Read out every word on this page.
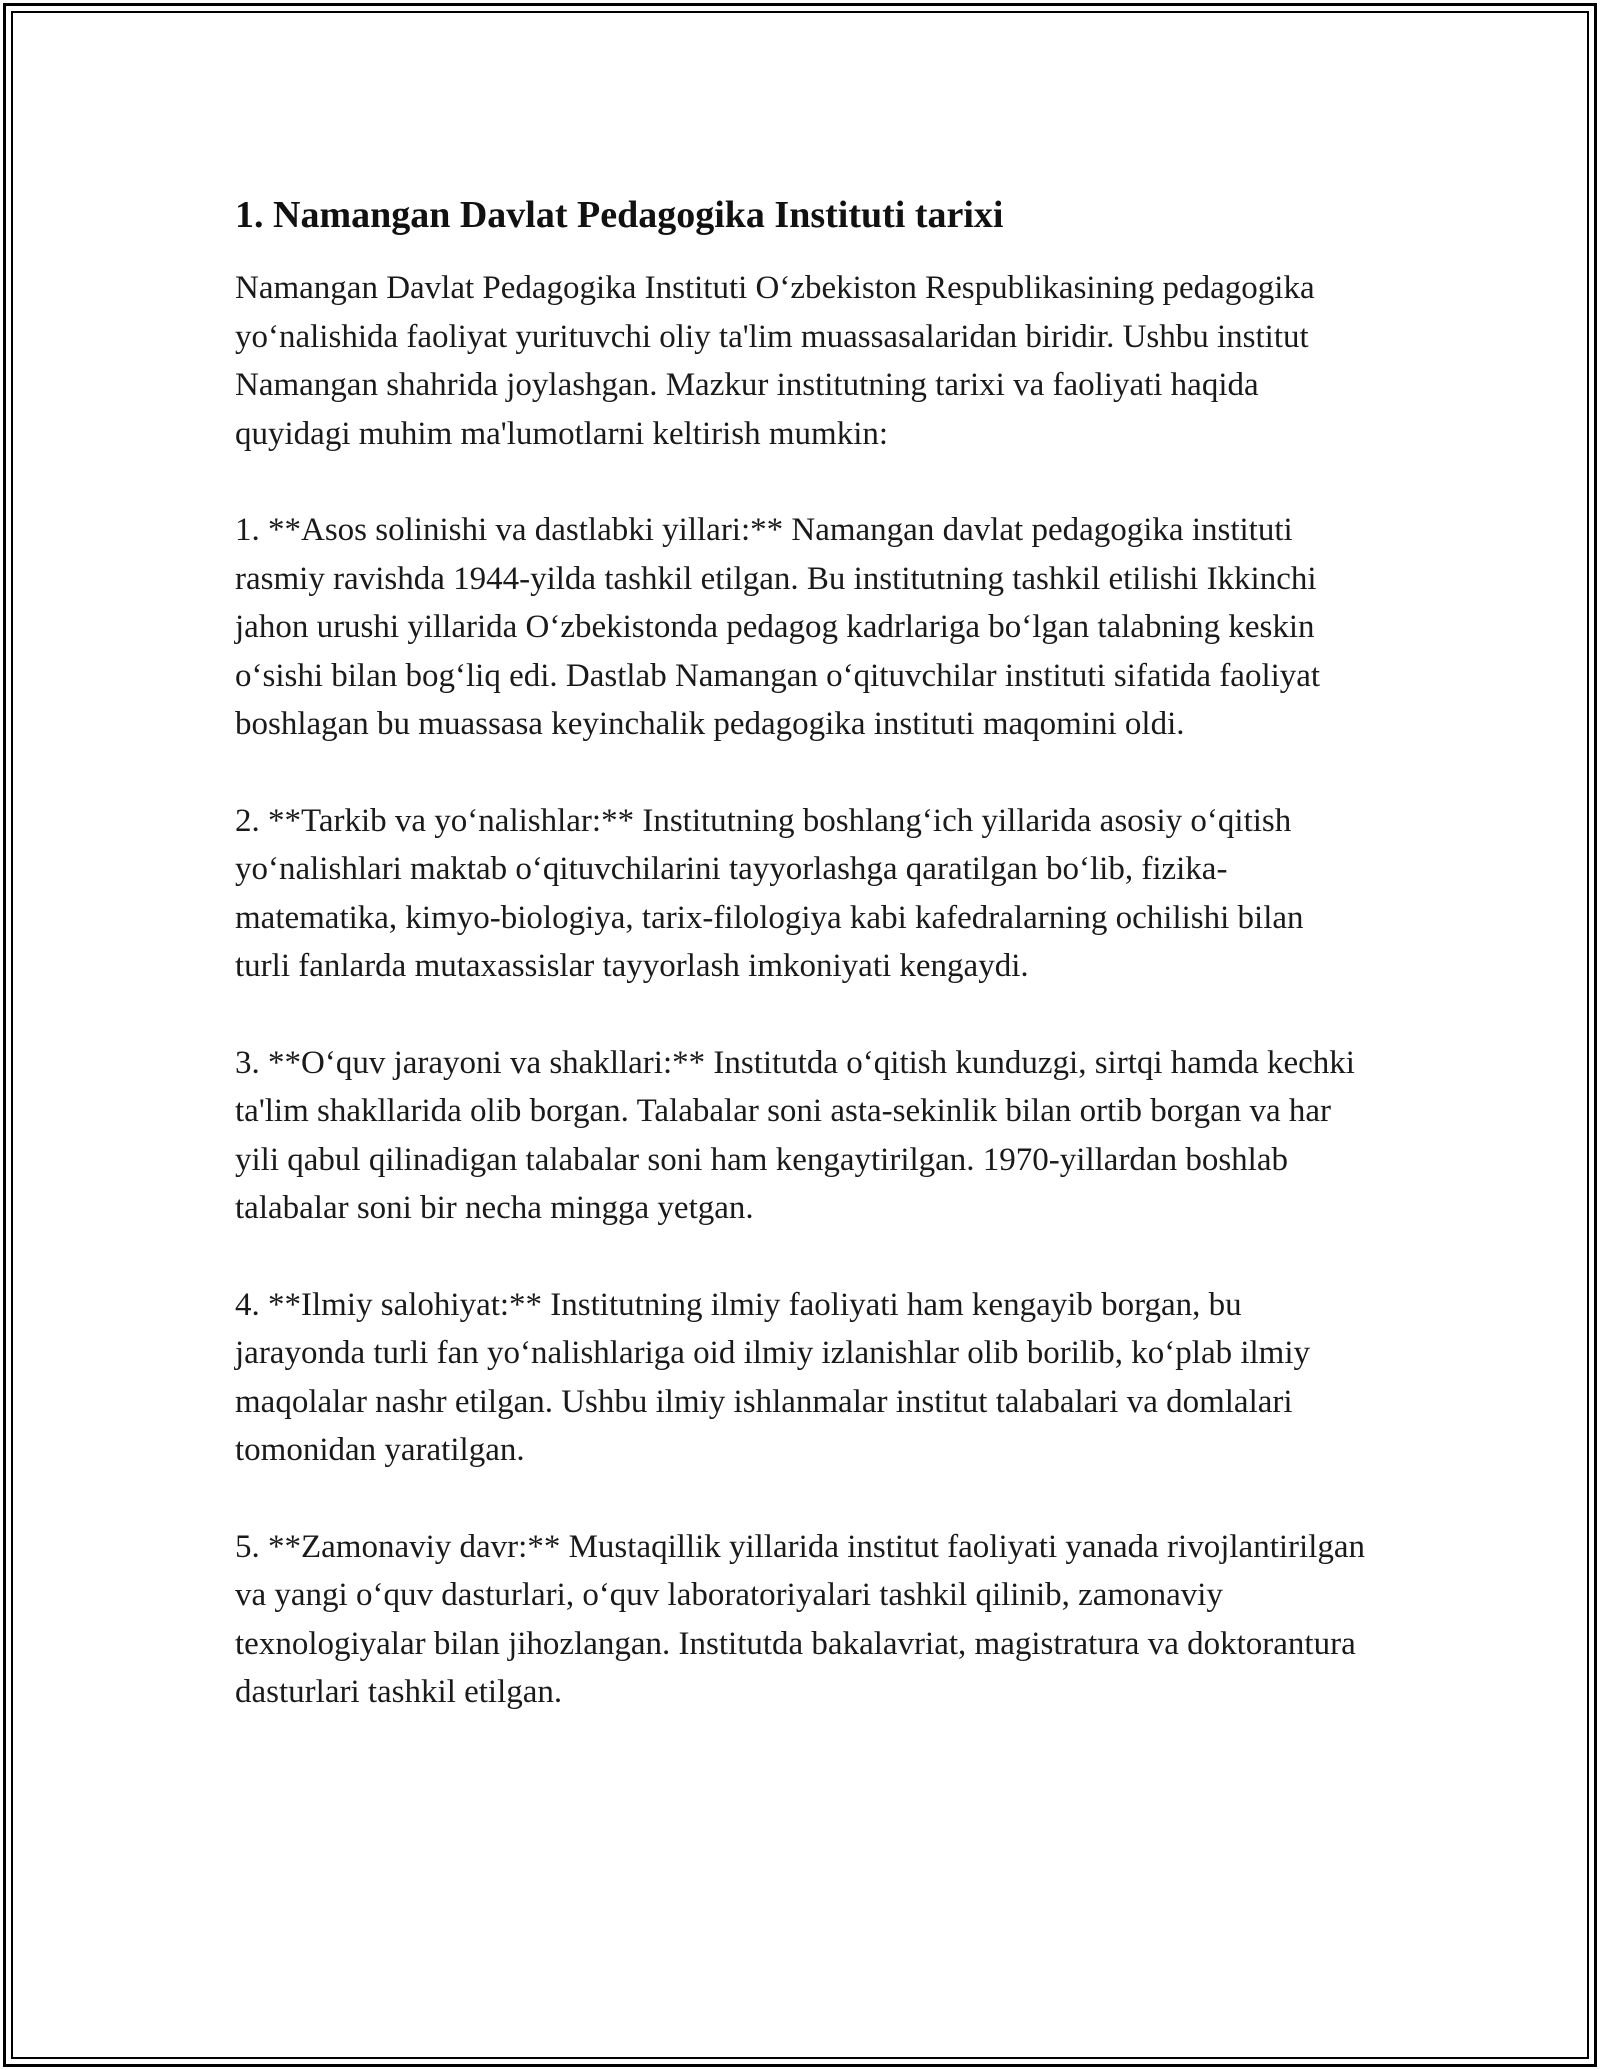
1. Namangan Davlat Pedagogika Instituti tarixi

Namangan Davlat Pedagogika Instituti O‘zbekiston Respublikasining pedagogika yo‘nalishida faoliyat yurituvchi oliy ta'lim muassasalaridan biridir. Ushbu institut Namangan shahrida joylashgan. Mazkur institutning tarixi va faoliyati haqida quyidagi muhim ma'lumotlarni keltirish mumkin:

1. **Asos solinishi va dastlabki yillari:** Namangan davlat pedagogika instituti rasmiy ravishda 1944-yilda tashkil etilgan. Bu institutning tashkil etilishi Ikkinchi jahon urushi yillarida O‘zbekistonda pedagog kadrlariga bo‘lgan talabning keskin o‘sishi bilan bog‘liq edi. Dastlab Namangan o‘qituvchilar instituti sifatida faoliyat boshlagan bu muassasa keyinchalik pedagogika instituti maqomini oldi.

2. **Tarkib va yo‘nalishlar:** Institutning boshlang‘ich yillarida asosiy o‘qitish yo‘nalishlari maktab o‘qituvchilarini tayyorlashga qaratilgan bo‘lib, fizika-matematika, kimyo-biologiya, tarix-filologiya kabi kafedralarning ochilishi bilan turli fanlarda mutaxassislar tayyorlash imkoniyati kengaydi.

3. **O‘quv jarayoni va shakllari:** Institutda o‘qitish kunduzgi, sirtqi hamda kechki ta'lim shakllarida olib borgan. Talabalar soni asta-sekinlik bilan ortib borgan va har yili qabul qilinadigan talabalar soni ham kengaytirilgan. 1970-yillardan boshlab talabalar soni bir necha mingga yetgan.

4. **Ilmiy salohiyat:** Institutning ilmiy faoliyati ham kengayib borgan, bu jarayonda turli fan yo‘nalishlariga oid ilmiy izlanishlar olib borilib, ko‘plab ilmiy maqolalar nashr etilgan. Ushbu ilmiy ishlanmalar institut talabalari va domlalari tomonidan yaratilgan.

5. **Zamonaviy davr:** Mustaqillik yillarida institut faoliyati yanada rivojlantirilgan va yangi o‘quv dasturlari, o‘quv laboratoriyalari tashkil qilinib, zamonaviy texnologiyalar bilan jihozlangan. Institutda bakalavriat, magistratura va doktorantura dasturlari tashkil etilgan.
